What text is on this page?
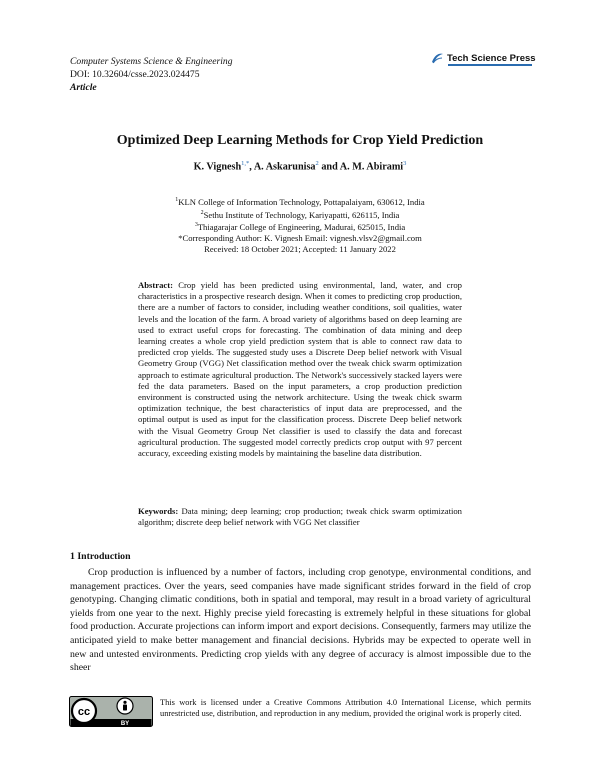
Computer Systems Science & Engineering
DOI: 10.32604/csse.2023.024475
Article
Tech Science Press
Optimized Deep Learning Methods for Crop Yield Prediction
K. Vignesh$^{1,*}$, A. Askarunisa$^2$ and A. M. Abirami$^3$
$^1$KLN College of Information Technology, Pottapalaiyam, 630612, India
$^2$Sethu Institute of Technology, Kariyapatti, 626115, India
$^3$Thiagarajar College of Engineering, Madurai, 625015, India
*Corresponding Author: K. Vignesh Email: vignesh.vlsv2@gmail.com
Received: 18 October 2021; Accepted: 11 January 2022
Abstract: Crop yield has been predicted using environmental, land, water, and crop characteristics in a prospective research design. When it comes to predicting crop production, there are a number of factors to consider, including weather conditions, soil qualities, water levels and the location of the farm. A broad variety of algorithms based on deep learning are used to extract useful crops for forecasting. The combination of data mining and deep learning creates a whole crop yield prediction system that is able to connect raw data to predicted crop yields. The suggested study uses a Discrete Deep belief network with Visual Geometry Group (VGG) Net classification method over the tweak chick swarm optimization approach to estimate agricultural production. The Network's successively stacked layers were fed the data parameters. Based on the input parameters, a crop production prediction environment is constructed using the network architecture. Using the tweak chick swarm optimization technique, the best characteristics of input data are preprocessed, and the optimal output is used as input for the classification process. Discrete Deep belief network with the Visual Geometry Group Net classifier is used to classify the data and forecast agricultural production. The suggested model correctly predicts crop output with 97 percent accuracy, exceeding existing models by maintaining the baseline data distribution.
Keywords: Data mining; deep learning; crop production; tweak chick swarm optimization algorithm; discrete deep belief network with VGG Net classifier
1 Introduction
Crop production is influenced by a number of factors, including crop genotype, environmental conditions, and management practices. Over the years, seed companies have made significant strides forward in the field of crop genotyping. Changing climatic conditions, both in spatial and temporal, may result in a broad variety of agricultural yields from one year to the next. Highly precise yield forecasting is extremely helpful in these situations for global food production. Accurate projections can inform import and export decisions. Consequently, farmers may utilize the anticipated yield to make better management and financial decisions. Hybrids may be expected to operate well in new and untested environments. Predicting crop yields with any degree of accuracy is almost impossible due to the sheer
cc
BY
This work is licensed under a Creative Commons Attribution 4.0 International License, which permits unrestricted use, distribution, and reproduction in any medium, provided the original work is properly cited.
